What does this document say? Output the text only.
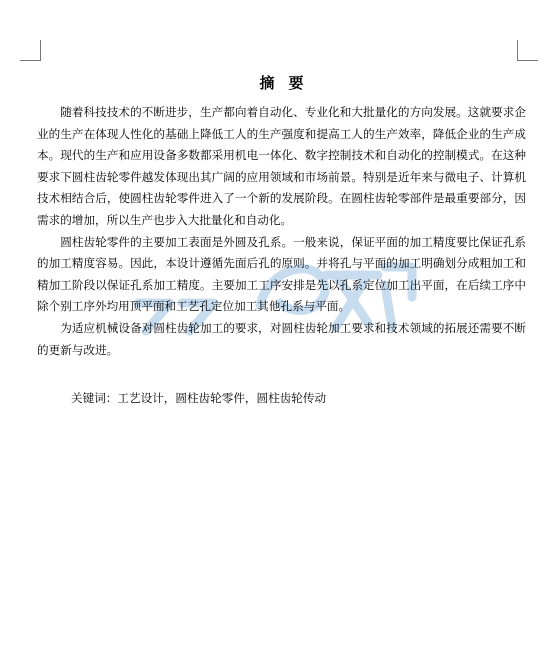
摘要

随着科技技术的不断进步，生产都向着自动化、专业化和大批量化的方向发展。这就要求企业的生产在体现人性化的基础上降低工人的生产强度和提高工人的生产效率，降低企业的生产成本。现代的生产和应用设备多数都采用机电一体化、数字控制技术和自动化的控制模式。在这种要求下圆柱齿轮零件越发体现出其广阔的应用领域和市场前景。特别是近年来与微电子、计算机技术相结合后，使圆柱齿轮零件进入了一个新的发展阶段。在圆柱齿轮零部件是最重要部分，因需求的增加，所以生产也步入大批量化和自动化。

圆柱齿轮零件的主要加工表面是外圆及孔系。一般来说，保证平面的加工精度要比保证孔系的加工精度容易。因此，本设计遵循先面后孔的原则。并将孔与平面的加工明确划分成粗加工和精加工阶段以保证孔系加工精度。主要加工工序安排是先以孔系定位加工出平面，在后续工序中除个别工序外均用顶平面和工艺孔定位加工其他孔系与平面。

为适应机械设备对圆柱齿轮加工的要求，对圆柱齿轮加工要求和技术领域的拓展还需要不断的更新与改进。

关键词：工艺设计，圆柱齿轮零件，圆柱齿轮传动
